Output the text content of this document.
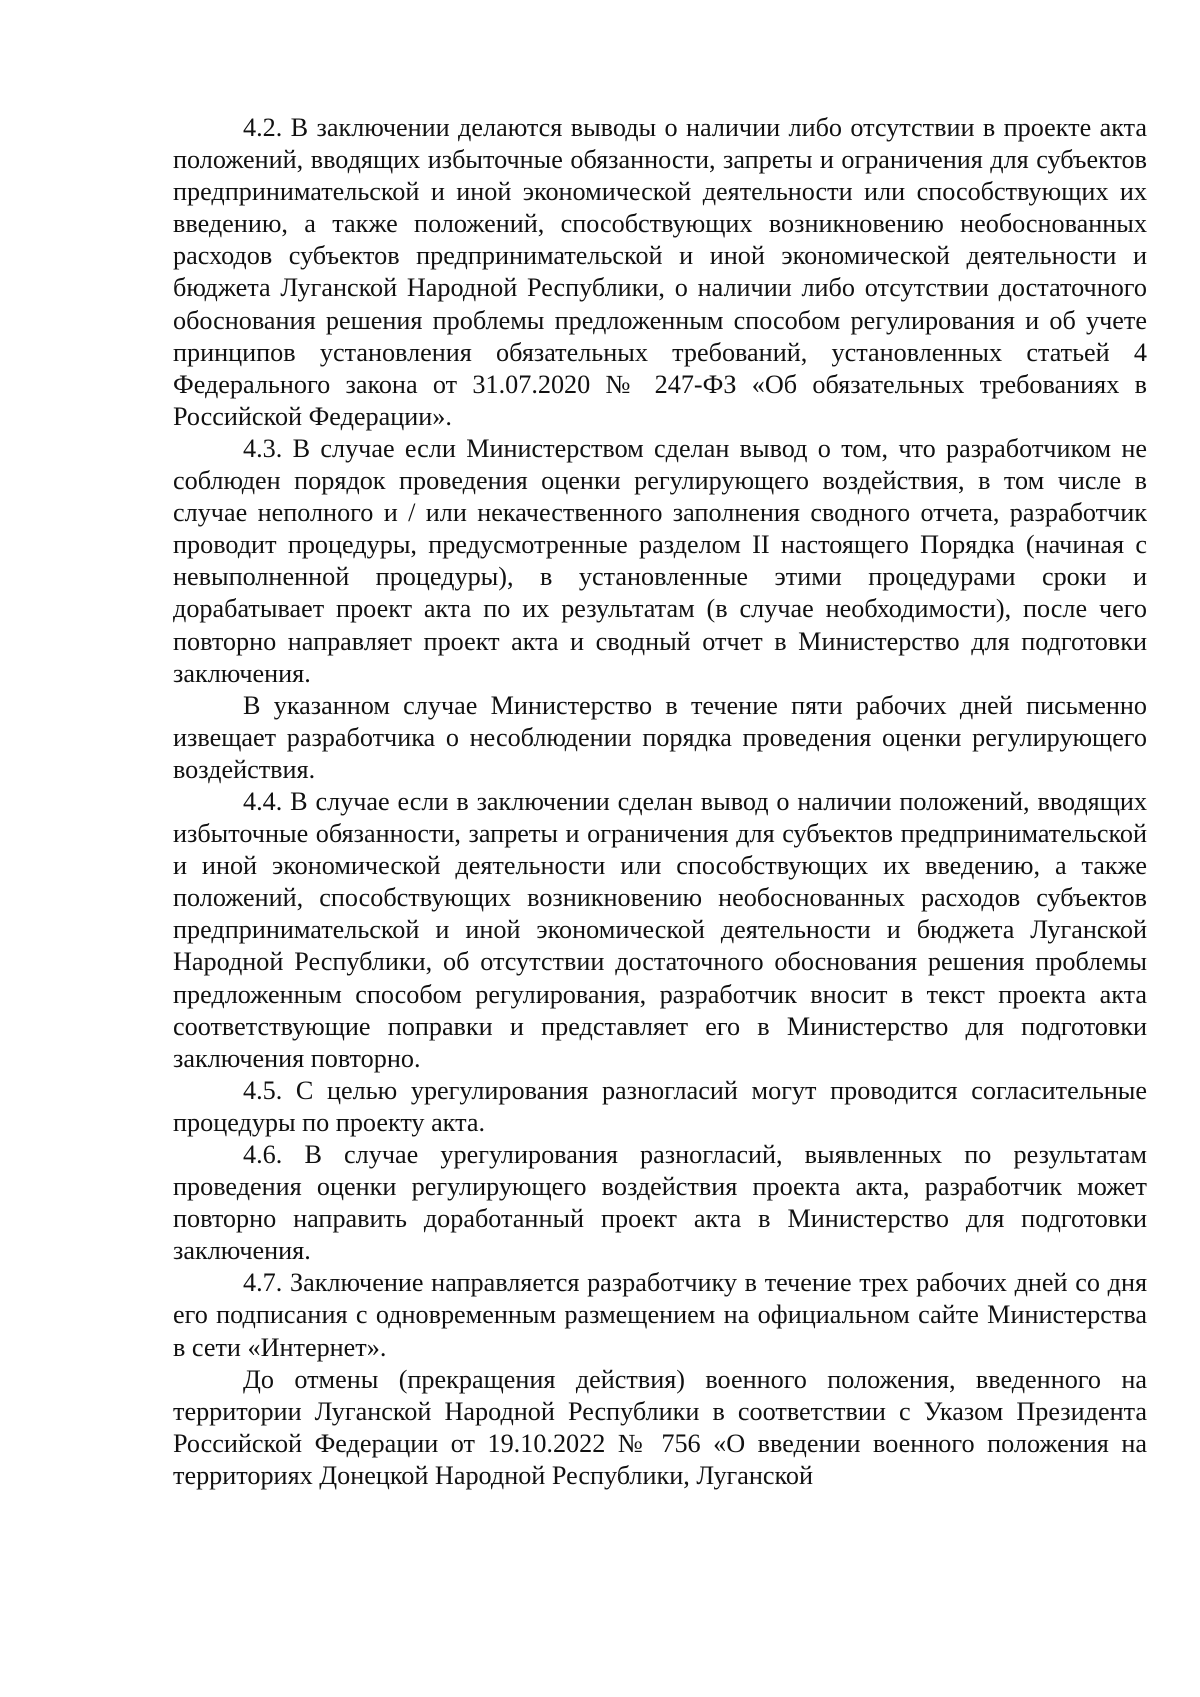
4.2. В заключении делаются выводы о наличии либо отсутствии в проекте акта положений, вводящих избыточные обязанности, запреты и ограничения для субъектов предпринимательской и иной экономической деятельности или способствующих их введению, а также положений, способствующих возникновению необоснованных расходов субъектов предпринимательской и иной экономической деятельности и бюджета Луганской Народной Республики, о наличии либо отсутствии достаточного обоснования решения проблемы предложенным способом регулирования и об учете принципов установления обязательных требований, установленных статьей 4 Федерального закона от 31.07.2020 № 247-ФЗ «Об обязательных требованиях в Российской Федерации».

4.3. В случае если Министерством сделан вывод о том, что разработчиком не соблюден порядок проведения оценки регулирующего воздействия, в том числе в случае неполного и / или некачественного заполнения сводного отчета, разработчик проводит процедуры, предусмотренные разделом II настоящего Порядка (начиная с невыполненной процедуры), в установленные этими процедурами сроки и дорабатывает проект акта по их результатам (в случае необходимости), после чего повторно направляет проект акта и сводный отчет в Министерство для подготовки заключения.

В указанном случае Министерство в течение пяти рабочих дней письменно извещает разработчика о несоблюдении порядка проведения оценки регулирующего воздействия.

4.4. В случае если в заключении сделан вывод о наличии положений, вводящих избыточные обязанности, запреты и ограничения для субъектов предпринимательской и иной экономической деятельности или способствующих их введению, а также положений, способствующих возникновению необоснованных расходов субъектов предпринимательской и иной экономической деятельности и бюджета Луганской Народной Республики, об отсутствии достаточного обоснования решения проблемы предложенным способом регулирования, разработчик вносит в текст проекта акта соответствующие поправки и представляет его в Министерство для подготовки заключения повторно.

4.5. С целью урегулирования разногласий могут проводится согласительные процедуры по проекту акта.

4.6. В случае урегулирования разногласий, выявленных по результатам проведения оценки регулирующего воздействия проекта акта, разработчик может повторно направить доработанный проект акта в Министерство для подготовки заключения.

4.7. Заключение направляется разработчику в течение трех рабочих дней со дня его подписания с одновременным размещением на официальном сайте Министерства в сети «Интернет».

До отмены (прекращения действия) военного положения, введенного на территории Луганской Народной Республики в соответствии с Указом Президента Российской Федерации от 19.10.2022 № 756 «О введении военного положения на территориях Донецкой Народной Республики, Луганской
